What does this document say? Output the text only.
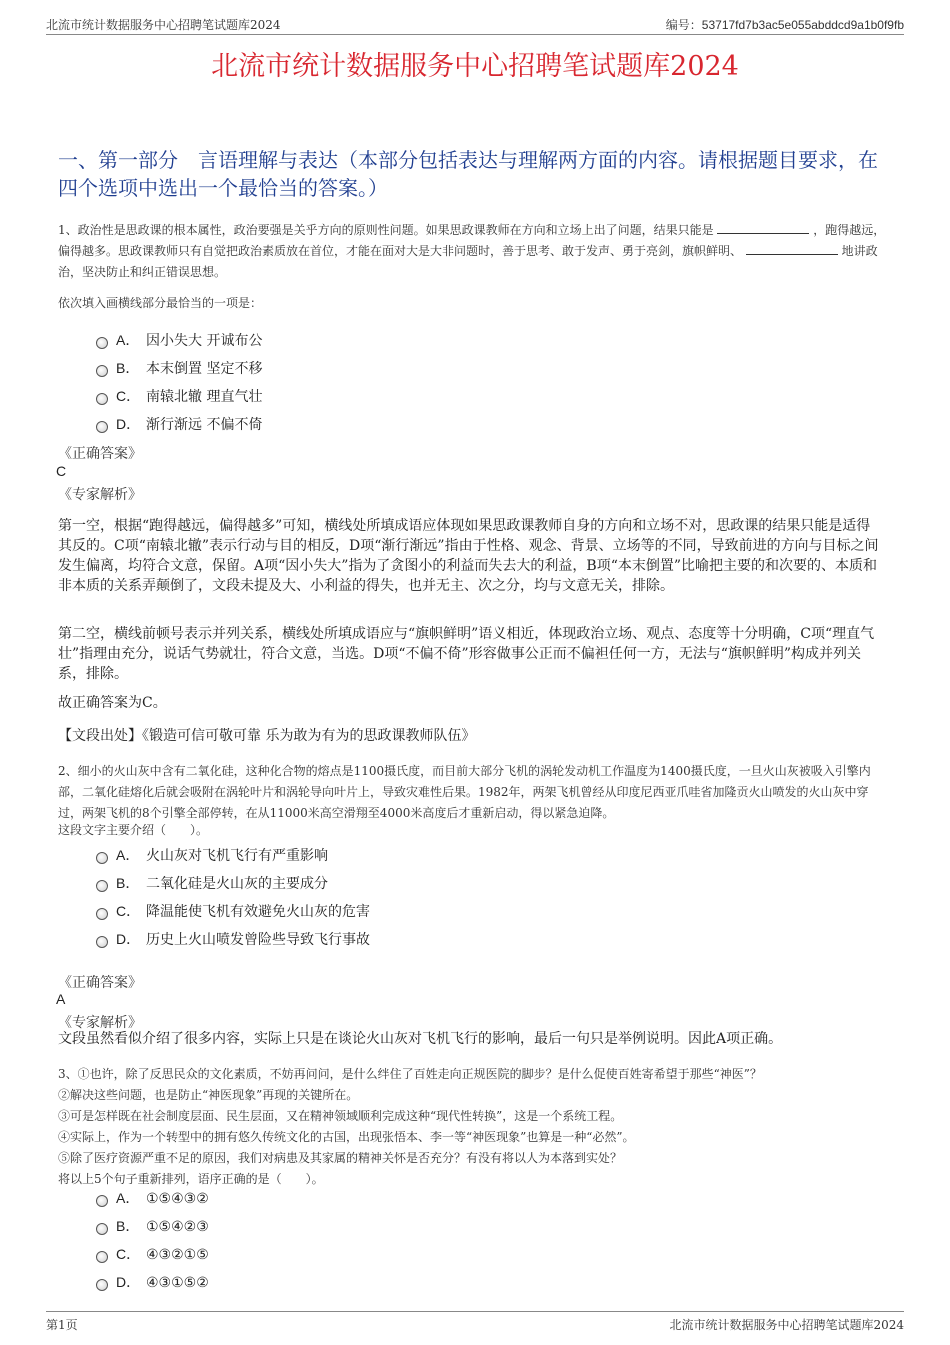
北流市统计数据服务中心招聘笔试题库2024	编号：53717fd7b3ac5e055abddcd9a1b0f9fb
北流市统计数据服务中心招聘笔试题库2024
一、第一部分　言语理解与表达（本部分包括表达与理解两方面的内容。请根据题目要求，在四个选项中选出一个最恰当的答案。）
1、政治性是思政课的根本属性，政治要强是关乎方向的原则性问题。如果思政课教师在方向和立场上出了问题，结果只能是	，跑得越远，偏得越多。思政课教师只有自觉把政治素质放在首位，才能在面对大是大非问题时，善于思考、敢于发声、勇于亮剑，旗帜鲜明、	地讲政治，坚决防止和纠正错误思想。
依次填入画横线部分最恰当的一项是：
A． 因小失大 开诚布公
B． 本末倒置 坚定不移
C． 南辕北辙 理直气壮
D． 渐行渐远 不偏不倚
《正确答案》
C
《专家解析》
第一空，根据“跑得越远，偏得越多”可知，横线处所填成语应体现如果思政课教师自身的方向和立场不对，思政课的结果只能是适得其反的。C项“南辕北辙”表示行动与目的相反，D项“渐行渐远”指由于性格、观念、背景、立场等的不同，导致前进的方向与目标之间发生偏离，均符合文意，保留。A项“因小失大”指为了贪图小的利益而失去大的利益，B项“本末倒置”比喻把主要的和次要的、本质和非本质的关系弄颠倒了，文段未提及大、小利益的得失，也并无主、次之分，均与文意无关，排除。
第二空，横线前顿号表示并列关系，横线处所填成语应与“旗帜鲜明”语义相近，体现政治立场、观点、态度等十分明确，C项“理直气壮”指理由充分，说话气势就壮，符合文意，当选。D项“不偏不倚”形容做事公正而不偏袒任何一方，无法与“旗帜鲜明”构成并列关系，排除。
故正确答案为C。
【文段出处】《锻造可信可敬可靠 乐为敢为有为的思政课教师队伍》
2、细小的火山灰中含有二氧化硅，这种化合物的熔点是1100摄氏度，而目前大部分飞机的涡轮发动机工作温度为1400摄氏度，一旦火山灰被吸入引擎内部，二氧化硅熔化后就会吸附在涡轮叶片和涡轮导向叶片上，导致灾难性后果。1982年，两架飞机曾经从印度尼西亚爪哇省加隆贡火山喷发的火山灰中穿过，两架飞机的8个引擎全部停转，在从11000米高空滑翔至4000米高度后才重新启动，得以紧急迫降。
这段文字主要介绍（　　）。
A． 火山灰对飞机飞行有严重影响
B． 二氧化硅是火山灰的主要成分
C． 降温能使飞机有效避免火山灰的危害
D． 历史上火山喷发曾险些导致飞行事故
《正确答案》
A
《专家解析》
文段虽然看似介绍了很多内容，实际上只是在谈论火山灰对飞机飞行的影响，最后一句只是举例说明。因此A项正确。
3、①也许，除了反思民众的文化素质，不妨再问问，是什么绊住了百姓走向正规医院的脚步？是什么促使百姓寄希望于那些“神医”？
②解决这些问题，也是防止“神医现象”再现的关键所在。
③可是怎样既在社会制度层面、民生层面，又在精神领域顺利完成这种“现代性转换”，这是一个系统工程。
④实际上，作为一个转型中的拥有悠久传统文化的古国，出现张悟本、李一等“神医现象”也算是一种“必然”。
⑤除了医疗资源严重不足的原因，我们对病患及其家属的精神关怀是否充分？有没有将以人为本落到实处？
将以上5个句子重新排列，语序正确的是（　　）。
A． ①⑤④③②
B． ①⑤④②③
C． ④③②①⑤
D． ④③①⑤②
第1页	北流市统计数据服务中心招聘笔试题库2024
